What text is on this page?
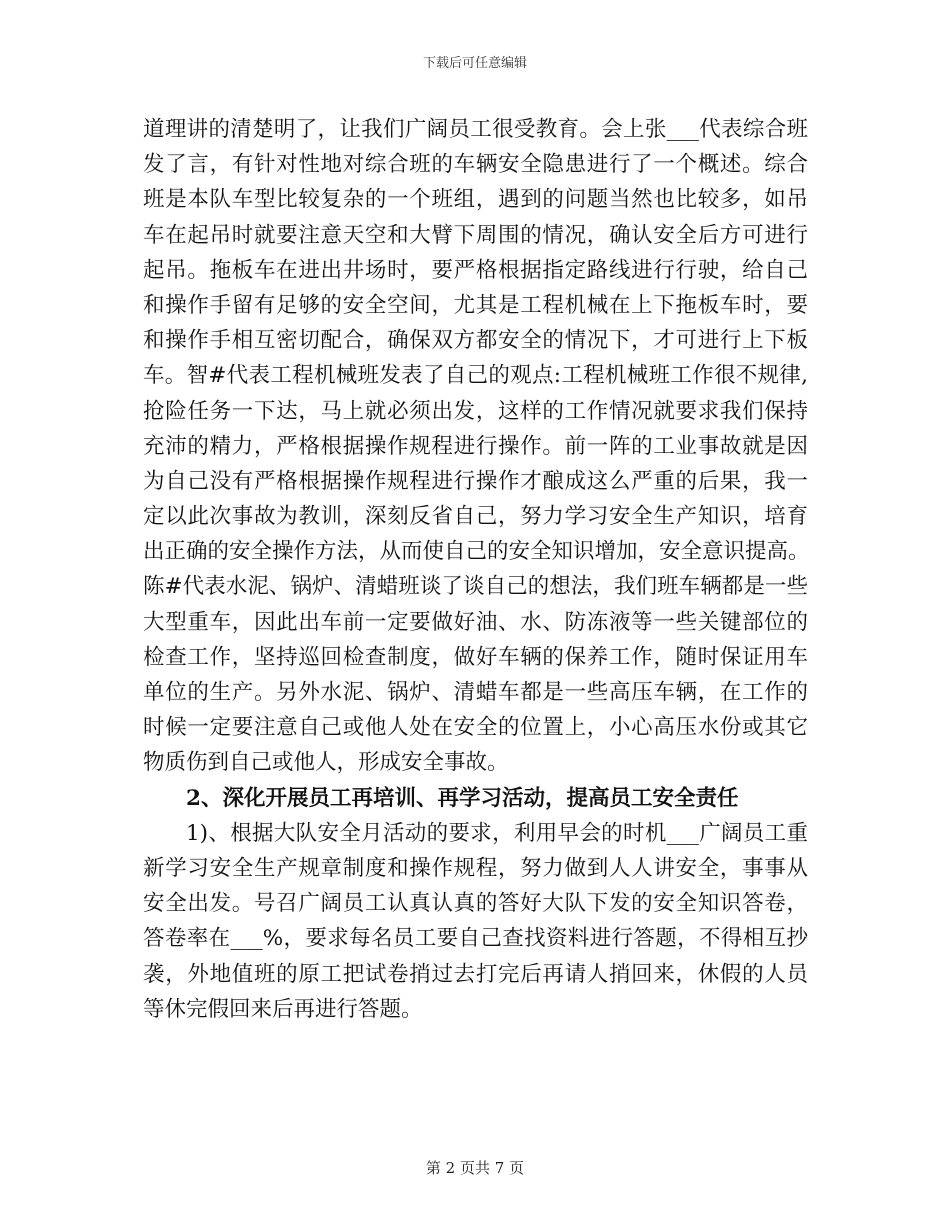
下载后可任意编辑
道理讲的清楚明了，让我们广阔员工很受教育。会上张___代表综合班
发了言，有针对性地对综合班的车辆安全隐患进行了一个概述。综合
班是本队车型比较复杂的一个班组，遇到的问题当然也比较多，如吊
车在起吊时就要注意天空和大臂下周围的情况，确认安全后方可进行
起吊。拖板车在进出井场时，要严格根据指定路线进行行驶，给自己
和操作手留有足够的安全空间，尤其是工程机械在上下拖板车时，要
和操作手相互密切配合，确保双方都安全的情况下，才可进行上下板
车。智#代表工程机械班发表了自己的观点:工程机械班工作很不规律,
抢险任务一下达，马上就必须出发，这样的工作情况就要求我们保持
充沛的精力，严格根据操作规程进行操作。前一阵的工业事故就是因
为自己没有严格根据操作规程进行操作才酿成这么严重的后果，我一
定以此次事故为教训，深刻反省自己，努力学习安全生产知识，培育
出正确的安全操作方法，从而使自己的安全知识增加，安全意识提高。
陈#代表水泥、锅炉、清蜡班谈了谈自己的想法，我们班车辆都是一些
大型重车，因此出车前一定要做好油、水、防冻液等一些关键部位的
检查工作，坚持巡回检查制度，做好车辆的保养工作，随时保证用车
单位的生产。另外水泥、锅炉、清蜡车都是一些高压车辆，在工作的
时候一定要注意自己或他人处在安全的位置上，小心高压水份或其它
物质伤到自己或他人，形成安全事故。
2、深化开展员工再培训、再学习活动，提高员工安全责任
1)、根据大队安全月活动的要求，利用早会的时机___广阔员工重
新学习安全生产规章制度和操作规程，努力做到人人讲安全，事事从
安全出发。号召广阔员工认真认真的答好大队下发的安全知识答卷，
答卷率在___%，要求每名员工要自己查找资料进行答题，不得相互抄
袭，外地值班的原工把试卷捎过去打完后再请人捎回来，休假的人员
等休完假回来后再进行答题。
第 2 页共 7 页
